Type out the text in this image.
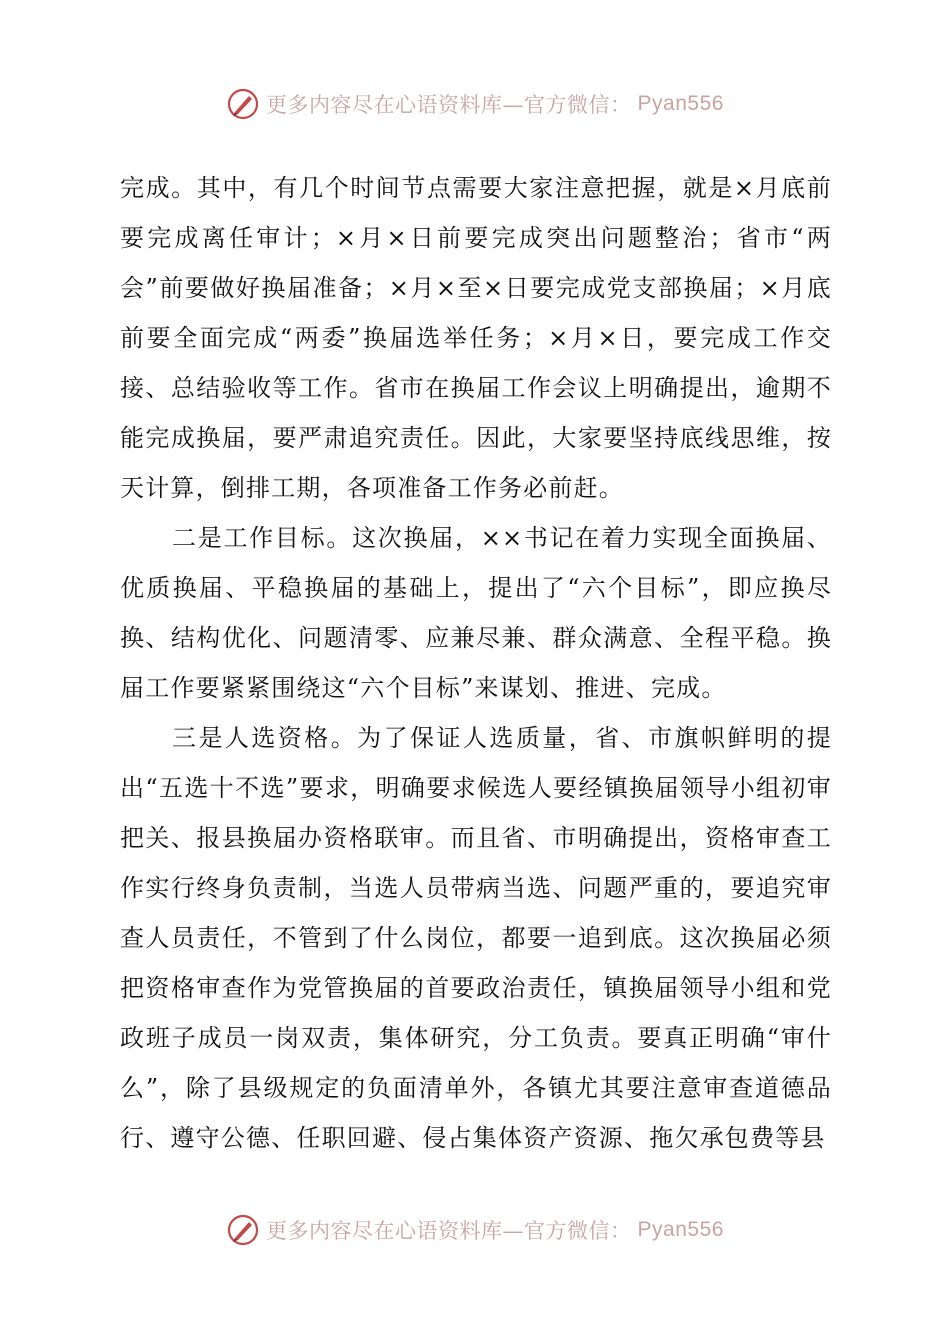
更多内容尽在心语资料库—官方微信： Pyan556

完成。其中，有几个时间节点需要大家注意把握，就是×月底前要完成离任审计；×月×日前要完成突出问题整治；省市“两会”前要做好换届准备；×月×至×日要完成党支部换届；×月底前要全面完成“两委”换届选举任务；×月×日，要完成工作交接、总结验收等工作。省市在换届工作会议上明确提出，逾期不能完成换届，要严肃追究责任。因此，大家要坚持底线思维，按天计算，倒排工期，各项准备工作务必前赶。

二是工作目标。这次换届，××书记在着力实现全面换届、优质换届、平稳换届的基础上，提出了“六个目标”，即应换尽换、结构优化、问题清零、应兼尽兼、群众满意、全程平稳。换届工作要紧紧围绕这“六个目标”来谋划、推进、完成。

三是人选资格。为了保证人选质量，省、市旗帜鲜明的提出“五选十不选”要求，明确要求候选人要经镇换届领导小组初审把关、报县换届办资格联审。而且省、市明确提出，资格审查工作实行终身负责制，当选人员带病当选、问题严重的，要追究审查人员责任，不管到了什么岗位，都要一追到底。这次换届必须把资格审查作为党管换届的首要政治责任，镇换届领导小组和党政班子成员一岗双责，集体研究，分工负责。要真正明确“审什么”，除了县级规定的负面清单外，各镇尤其要注意审查道德品行、遵守公德、任职回避、侵占集体资产资源、拖欠承包费等县

更多内容尽在心语资料库—官方微信： Pyan556
